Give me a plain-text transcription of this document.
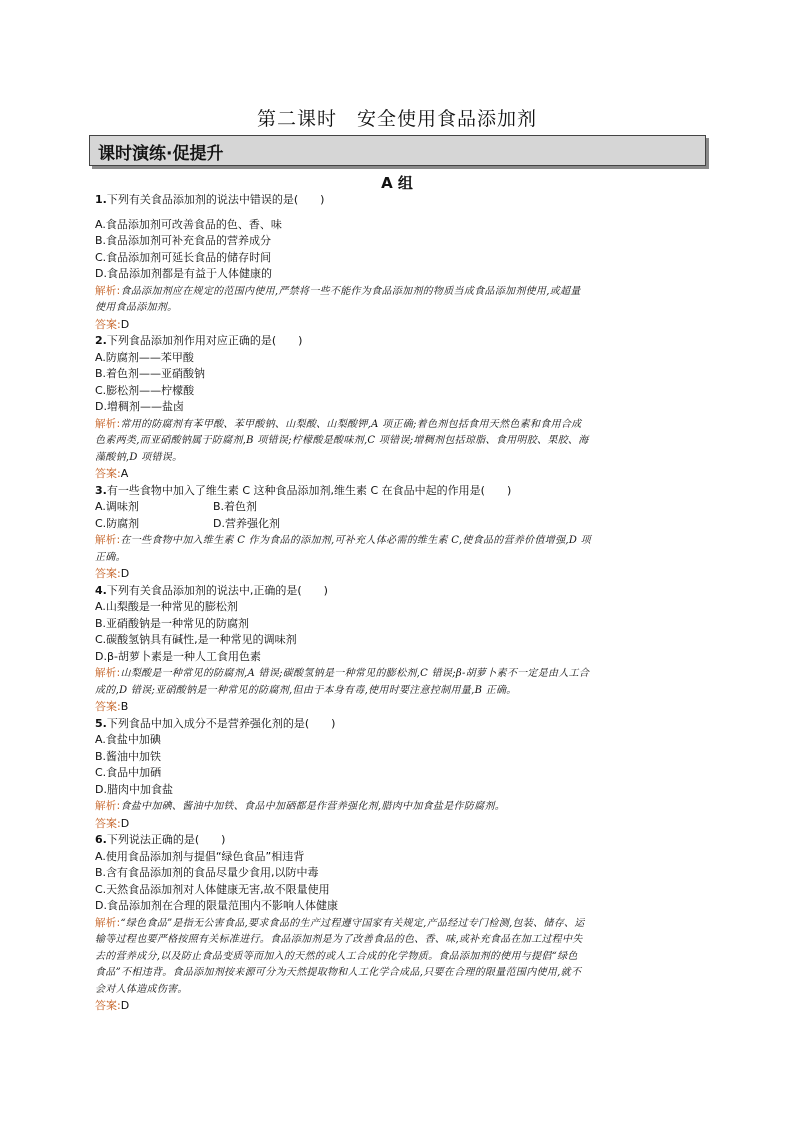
第二课时　安全使用食品添加剂
课时演练·促提升
A 组
1.下列有关食品添加剂的说法中错误的是(　　)
A.食品添加剂可改善食品的色、香、味
B.食品添加剂可补充食品的营养成分
C.食品添加剂可延长食品的储存时间
D.食品添加剂都是有益于人体健康的
解析:食品添加剂应在规定的范围内使用,严禁将一些不能作为食品添加剂的物质当成食品添加剂使用,或超量
使用食品添加剂。
答案:D
2.下列食品添加剂作用对应正确的是(　　)
A.防腐剂——苯甲酸
B.着色剂——亚硝酸钠
C.膨松剂——柠檬酸
D.增稠剂——盐卤
解析:常用的防腐剂有苯甲酸、苯甲酸钠、山梨酸、山梨酸钾,A 项正确;着色剂包括食用天然色素和食用合成
色素两类,而亚硝酸钠属于防腐剂,B 项错误;柠檬酸是酸味剂,C 项错误;增稠剂包括琼脂、食用明胶、果胶、海
藻酸钠,D 项错误。
答案:A
3.有一些食物中加入了维生素 C 这种食品添加剂,维生素 C 在食品中起的作用是(　　)
A.调味剂	B.着色剂
C.防腐剂	D.营养强化剂
解析:在一些食物中加入维生素 C 作为食品的添加剂,可补充人体必需的维生素 C,使食品的营养价值增强,D 项
正确。
答案:D
4.下列有关食品添加剂的说法中,正确的是(　　)
A.山梨酸是一种常见的膨松剂
B.亚硝酸钠是一种常见的防腐剂
C.碳酸氢钠具有碱性,是一种常见的调味剂
D.β-胡萝卜素是一种人工食用色素
解析:山梨酸是一种常见的防腐剂,A 错误;碳酸氢钠是一种常见的膨松剂,C 错误;β-胡萝卜素不一定是由人工合
成的,D 错误;亚硝酸钠是一种常见的防腐剂,但由于本身有毒,使用时要注意控制用量,B 正确。
答案:B
5.下列食品中加入成分不是营养强化剂的是(　　)
A.食盐中加碘
B.酱油中加铁
C.食品中加硒
D.腊肉中加食盐
解析:食盐中加碘、酱油中加铁、食品中加硒都是作营养强化剂,腊肉中加食盐是作防腐剂。
答案:D
6.下列说法正确的是(　　)
A.使用食品添加剂与提倡“绿色食品”相违背
B.含有食品添加剂的食品尽量少食用,以防中毒
C.天然食品添加剂对人体健康无害,故不限量使用
D.食品添加剂在合理的限量范围内不影响人体健康
解析:“绿色食品”是指无公害食品,要求食品的生产过程遵守国家有关规定,产品经过专门检测,包装、储存、运
输等过程也要严格按照有关标准进行。食品添加剂是为了改善食品的色、香、味,或补充食品在加工过程中失
去的营养成分,以及防止食品变质等而加入的天然的或人工合成的化学物质。食品添加剂的使用与提倡“绿色
食品”不相违背。食品添加剂按来源可分为天然提取物和人工化学合成品,只要在合理的限量范围内使用,就不
会对人体造成伤害。
答案:D
